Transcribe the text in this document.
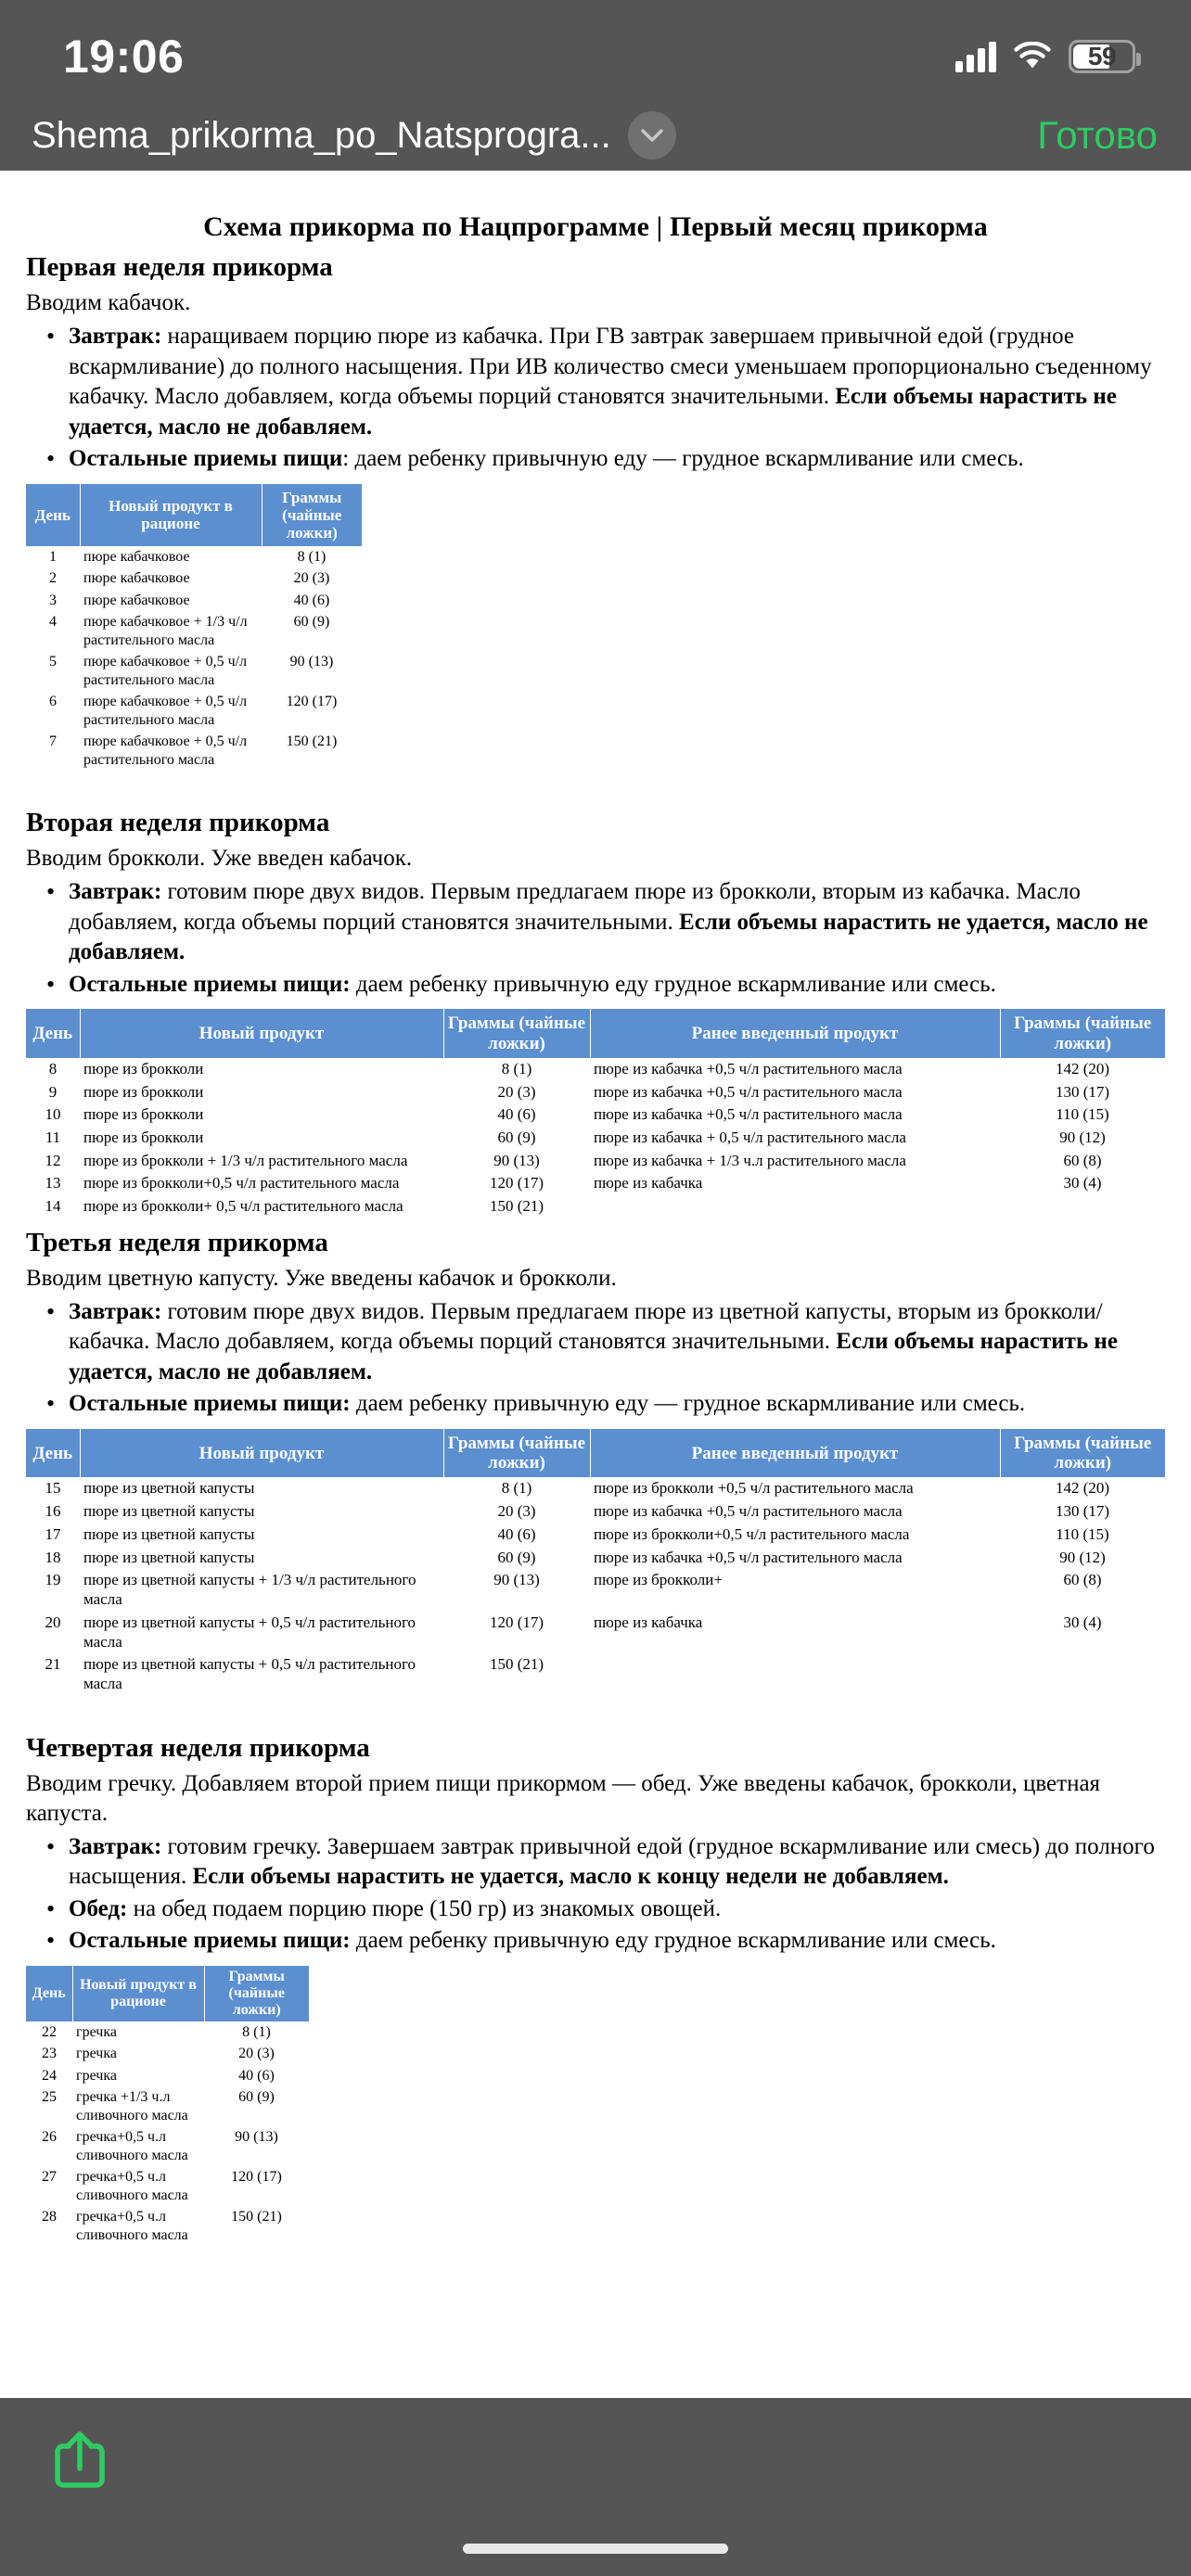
19:06	59
Shema_prikorma_po_Natsprogra...	Готово
Схема прикорма по Нацпрограмме | Первый месяц прикорма
Первая неделя прикорма

Вводим кабачок.

• Завтрак: наращиваем порцию пюре из кабачка. При ГВ завтрак завершаем привычной едой (грудное вскармливание) до полного насыщения. При ИВ количество смеси уменьшаем пропорционально съеденному кабачку. Масло добавляем, когда объемы порций становятся значительными. Если объемы нарастить не удается, масло не добавляем.
• Остальные приемы пищи: даем ребенку привычную еду — грудное вскармливание или смесь.
День	Новый продукт в рационе	Граммы (чайные ложки)
1	пюре кабачковое	8 (1)
2	пюре кабачковое	20 (3)
3	пюре кабачковое	40 (6)
4	пюре кабачковое + 1/3 ч/л растительного масла	60 (9)
5	пюре кабачковое + 0,5 ч/л растительного масла	90 (13)
6	пюре кабачковое + 0,5 ч/л растительного масла	120 (17)
7	пюре кабачковое + 0,5 ч/л растительного масла	150 (21)
Вторая неделя прикорма

Вводим брокколи. Уже введен кабачок.

• Завтрак: готовим пюре двух видов. Первым предлагаем пюре из брокколи, вторым из кабачка. Масло добавляем, когда объемы порций становятся значительными. Если объемы нарастить не удается, масло не добавляем.
• Остальные приемы пищи: даем ребенку привычную еду грудное вскармливание или смесь.
День	Новый продукт	Граммы (чайные ложки)	Ранее введенный продукт	Граммы (чайные ложки)
8	пюре из брокколи	8 (1)	пюре из кабачка +0,5 ч/л растительного масла	142 (20)
9	пюре из брокколи	20 (3)	пюре из кабачка +0,5 ч/л растительного масла	130 (17)
10	пюре из брокколи	40 (6)	пюре из кабачка +0,5 ч/л растительного масла	110 (15)
11	пюре из брокколи	60 (9)	пюре из кабачка + 0,5 ч/л растительного масла	90 (12)
12	пюре из брокколи + 1/3 ч/л растительного масла	90 (13)	пюре из кабачка + 1/3 ч.л растительного масла	60 (8)
13	пюре из брокколи+0,5 ч/л растительного масла	120 (17)	пюре из кабачка	30 (4)
14	пюре из брокколи+ 0,5 ч/л растительного масла	150 (21)		
Третья неделя прикорма

Вводим цветную капусту. Уже введены кабачок и брокколи.

• Завтрак: готовим пюре двух видов. Первым предлагаем пюре из цветной капусты, вторым из брокколи/кабачка. Масло добавляем, когда объемы порций становятся значительными. Если объемы нарастить не удается, масло не добавляем.
• Остальные приемы пищи: даем ребенку привычную еду — грудное вскармливание или смесь.
День	Новый продукт	Граммы (чайные ложки)	Ранее введенный продукт	Граммы (чайные ложки)
15	пюре из цветной капусты	8 (1)	пюре из брокколи +0,5 ч/л растительного масла	142 (20)
16	пюре из цветной капусты	20 (3)	пюре из кабачка +0,5 ч/л растительного масла	130 (17)
17	пюре из цветной капусты	40 (6)	пюре из брокколи+0,5 ч/л растительного масла	110 (15)
18	пюре из цветной капусты	60 (9)	пюре из кабачка +0,5 ч/л растительного масла	90 (12)
19	пюре из цветной капусты + 1/3 ч/л растительного масла	90 (13)	пюре из брокколи+	60 (8)
20	пюре из цветной капусты + 0,5 ч/л растительного масла	120 (17)	пюре из кабачка	30 (4)
21	пюре из цветной капусты + 0,5 ч/л растительного масла	150 (21)		
Четвертая неделя прикорма

Вводим гречку. Добавляем второй прием пищи прикормом — обед. Уже введены кабачок, брокколи, цветная капуста.

• Завтрак: готовим гречку. Завершаем завтрак привычной едой (грудное вскармливание или смесь) до полного насыщения. Если объемы нарастить не удается, масло к концу недели не добавляем.
• Обед: на обед подаем порцию пюре (150 гр) из знакомых овощей.
• Остальные приемы пищи: даем ребенку привычную еду грудное вскармливание или смесь.
День	Новый продукт в рационе	Граммы (чайные ложки)
22	гречка	8 (1)
23	гречка	20 (3)
24	гречка	40 (6)
25	гречка +1/3 ч.л сливочного масла	60 (9)
26	гречка+0,5 ч.л сливочного масла	90 (13)
27	гречка+0,5 ч.л сливочного масла	120 (17)
28	гречка+0,5 ч.л сливочного масла	150 (21)
